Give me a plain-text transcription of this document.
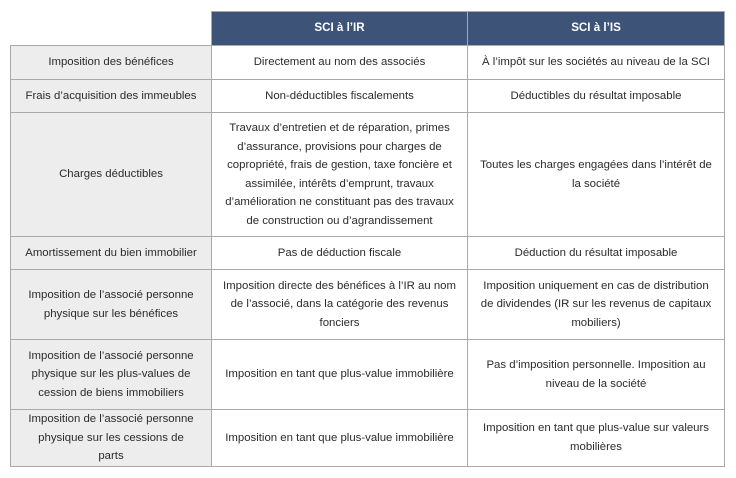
	SCI à l’IR	SCI à l’IS
Imposition des bénéfices	Directement au nom des associés	À l’impôt sur les sociétés au niveau de la SCI
Frais d’acquisition des immeubles	Non-déductibles fiscalements	Déductibles du résultat imposable
Charges déductibles	Travaux d’entretien et de réparation, primes d’assurance, provisions pour charges de copropriété, frais de gestion, taxe foncière et assimilée, intérêts d’emprunt, travaux d’amélioration ne constituant pas des travaux de construction ou d’agrandissement	Toutes les charges engagées dans l’intérêt de la société
Amortissement du bien immobilier	Pas de déduction fiscale	Déduction du résultat imposable
Imposition de l’associé personne physique sur les bénéfices	Imposition directe des bénéfices à l’IR au nom de l’associé, dans la catégorie des revenus fonciers	Imposition uniquement en cas de distribution de dividendes (IR sur les revenus de capitaux mobiliers)
Imposition de l’associé personne physique sur les plus-values de cession de biens immobiliers	Imposition en tant que plus-value immobilière	Pas d’imposition personnelle. Imposition au niveau de la société
Imposition de l’associé personne physique sur les cessions de parts	Imposition en tant que plus-value immobilière	Imposition en tant que plus-value sur valeurs mobilières
